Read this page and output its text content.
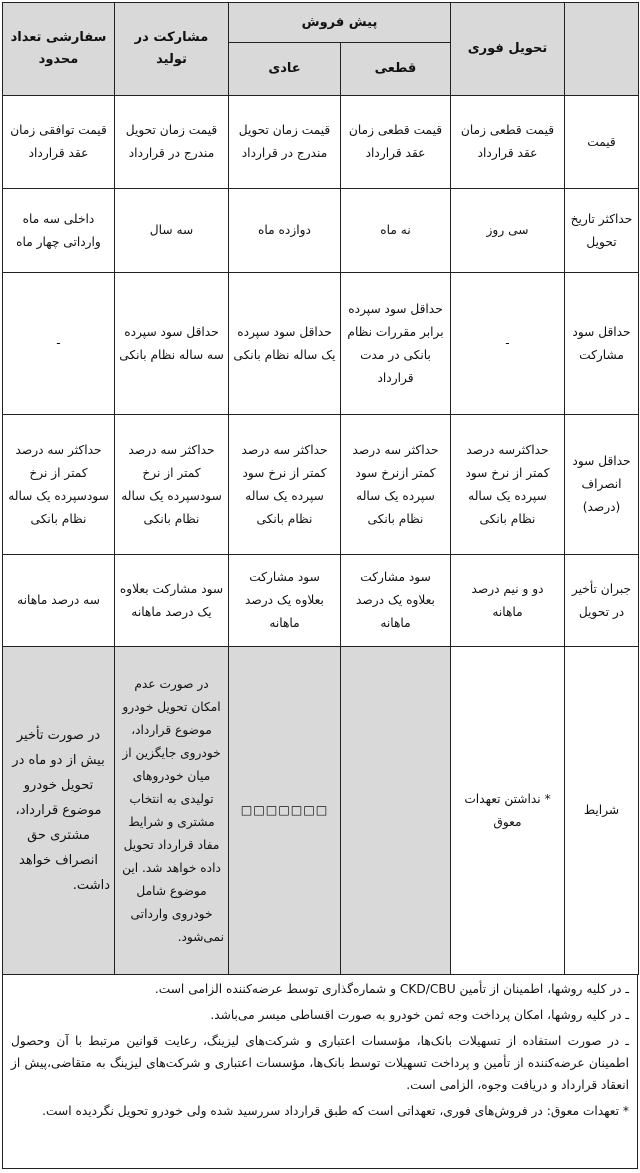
	تحویل فوری	پیش فروش		مشارکت در تولید	سفارشی تعداد محدود
		قطعی	عادی		
قیمت	قیمت قطعی زمان عقد قرارداد	قیمت قطعی زمان عقد قرارداد	قیمت زمان تحویل مندرج در قرارداد	قیمت زمان تحویل مندرج در قرارداد	قیمت توافقی زمان عقد قرارداد
حداکثر تاریخ تحویل	سی روز	نه ماه	دوازده ماه	سه سال	داخلی سه ماه وارداتی چهار ماه
حداقل سود مشارکت	-	حداقل سود سپرده برابر مقررات نظام بانکی در مدت قرارداد	حداقل سود سپرده یک ساله نظام بانکی	حداقل سود سپرده سه ساله نظام بانکی	-
حداقل سود انصراف (درصد)	حداکثرسه درصد کمتر از نرخ سود سپرده یک ساله نظام بانکی	حداکثر سه درصد کمتر ازنرخ سود سپرده یک ساله نظام بانکی	حداکثر سه درصد کمتر از نرخ سود سپرده یک ساله نظام بانکی	حداکثر سه درصد کمتر از نرخ سودسپرده یک ساله نظام بانکی	حداکثر سه درصد کمتر از نرخ سودسپرده یک ساله نظام بانکی
جبران تأخیر در تحویل	دو و نیم درصد ماهانه	سود مشارکت بعلاوه یک درصد ماهانه	سود مشارکت بعلاوه یک درصد ماهانه	سود مشارکت بعلاوه یک درصد ماهانه	سه درصد ماهانه
شرایط	* نداشتن تعهدات معوق		□□□□□□□	در صورت عدم امکان تحویل خودرو موضوع قرارداد، خودروی جایگزین از میان خودروهای تولیدی به انتخاب مشتری و شرایط مفاد قرارداد تحویل داده خواهد شد. این موضوع شامل خودروی وارداتی نمی‌شود.	در صورت تأخیر بیش از دو ماه در تحویل خودرو موضوع قرارداد، مشتری حق انصراف خواهد داشت.

ـ در کلیه روشها، اطمینان از تأمین CKD/CBU و شماره‌گذاری توسط عرضه‌کننده الزامی است.

ـ در کلیه روشها، امکان پرداخت وجه ثمن خودرو به صورت اقساطی میسر می‌باشد.

ـ در صورت استفاده از تسهیلات بانک‌ها، مؤسسات اعتباری و شرکت‌های لیزینگ، رعایت قوانین مرتبط با آن وحصول اطمینان عرضه‌کننده از تأمین و پرداخت تسهیلات توسط بانک‌ها، مؤسسات اعتباری و شرکت‌های لیزینگ به متقاضی،پیش از انعقاد قرارداد و دریافت وجوه، الزامی است.

* تعهدات معوق: در فروش‌های فوری، تعهداتی است که طبق قرارداد سررسید شده ولی خودرو تحویل نگردیده است.
